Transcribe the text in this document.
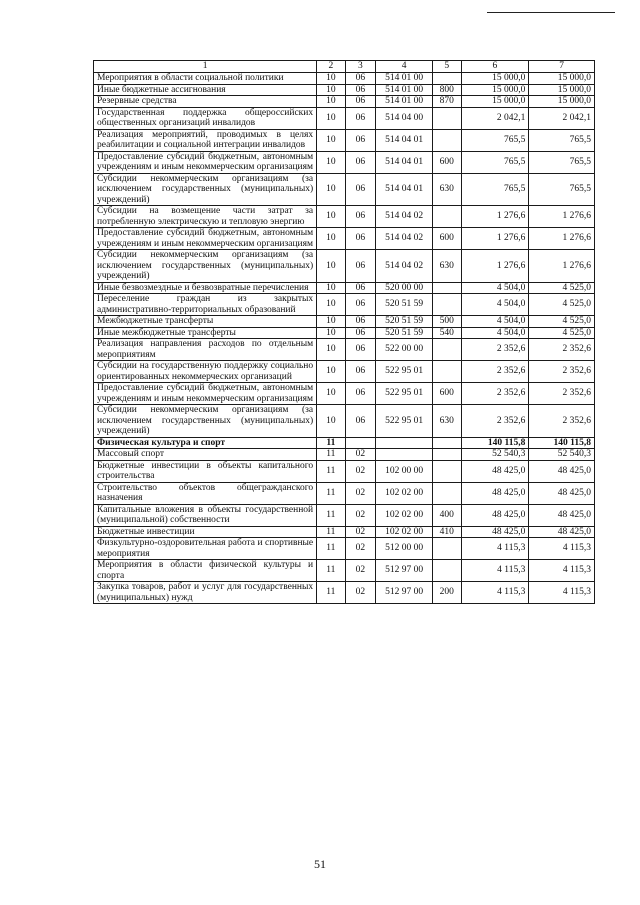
1	2	3	4	5	6	7
Мероприятия в области социальной политики	10	06	514 01 00		15 000,0	15 000,0
Иные бюджетные ассигнования	10	06	514 01 00	800	15 000,0	15 000,0
Резервные средства	10	06	514 01 00	870	15 000,0	15 000,0
Государственная поддержка общероссийских общественных организаций инвалидов	10	06	514 04 00		2 042,1	2 042,1
Реализация мероприятий, проводимых в целях реабилитации и социальной интеграции инвалидов	10	06	514 04 01		765,5	765,5
Предоставление субсидий бюджетным, автономным учреждениям и иным некоммерческим организациям	10	06	514 04 01	600	765,5	765,5
Субсидии некоммерческим организациям (за исключением государственных (муниципальных) учреждений)	10	06	514 04 01	630	765,5	765,5
Субсидии на возмещение части затрат за потребленную электрическую и тепловую энергию	10	06	514 04 02		1 276,6	1 276,6
Предоставление субсидий бюджетным, автономным учреждениям и иным некоммерческим организациям	10	06	514 04 02	600	1 276,6	1 276,6
Субсидии некоммерческим организациям (за исключением государственных (муниципальных) учреждений)	10	06	514 04 02	630	1 276,6	1 276,6
Иные безвозмездные и безвозвратные перечисления	10	06	520 00 00		4 504,0	4 525,0
Переселение граждан из закрытых административно-территориальных образований	10	06	520 51 59		4 504,0	4 525,0
Межбюджетные трансферты	10	06	520 51 59	500	4 504,0	4 525,0
Иные межбюджетные трансферты	10	06	520 51 59	540	4 504,0	4 525,0
Реализация направления расходов по отдельным мероприятиям	10	06	522 00 00		2 352,6	2 352,6
Субсидии на государственную поддержку социально ориентированных некоммерческих организаций	10	06	522 95 01		2 352,6	2 352,6
Предоставление субсидий бюджетным, автономным учреждениям и иным некоммерческим организациям	10	06	522 95 01	600	2 352,6	2 352,6
Субсидии некоммерческим организациям (за исключением государственных (муниципальных) учреждений)	10	06	522 95 01	630	2 352,6	2 352,6
Физическая культура и спорт	11				140 115,8	140 115,8
Массовый спорт	11	02			52 540,3	52 540,3
Бюджетные инвестиции в объекты капитального строительства	11	02	102 00 00		48 425,0	48 425,0
Строительство объектов общегражданского назначения	11	02	102 02 00		48 425,0	48 425,0
Капитальные вложения в объекты государственной (муниципальной) собственности	11	02	102 02 00	400	48 425,0	48 425,0
Бюджетные инвестиции	11	02	102 02 00	410	48 425,0	48 425,0
Физкультурно-оздоровительная работа и спортивные мероприятия	11	02	512 00 00		4 115,3	4 115,3
Мероприятия в области физической культуры и спорта	11	02	512 97 00		4 115,3	4 115,3
Закупка товаров, работ и услуг для государственных (муниципальных) нужд	11	02	512 97 00	200	4 115,3	4 115,3
51
